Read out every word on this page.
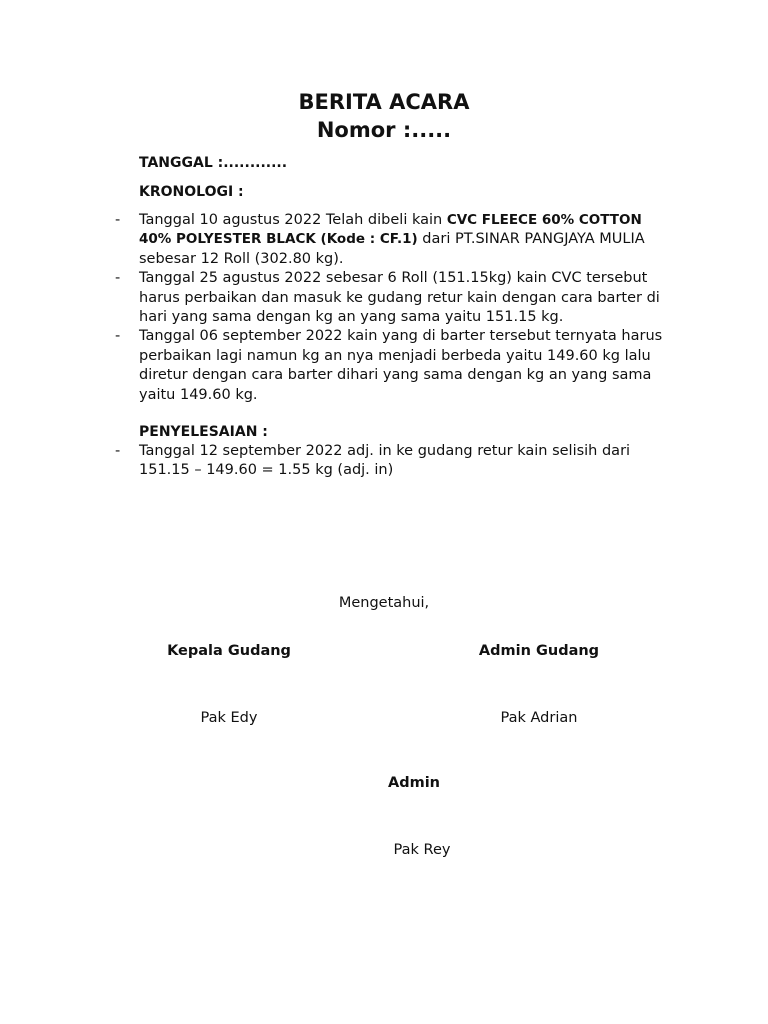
BERITA ACARA
Nomor :.....
TANGGAL :............
KRONOLOGI :
- Tanggal 10 agustus 2022 Telah dibeli kain CVC FLEECE 60% COTTON 40% POLYESTER BLACK (Kode : CF.1) dari PT.SINAR PANGJAYA MULIA sebesar 12 Roll (302.80 kg).
- Tanggal 25 agustus 2022 sebesar 6 Roll (151.15kg) kain CVC tersebut harus perbaikan dan masuk ke gudang retur kain dengan cara barter di hari yang sama dengan kg an yang sama yaitu 151.15 kg.
- Tanggal 06 september 2022 kain yang di barter tersebut ternyata harus perbaikan lagi namun kg an nya menjadi berbeda yaitu 149.60 kg lalu diretur dengan cara barter dihari yang sama dengan kg an yang sama yaitu 149.60 kg.
PENYELESAIAN :
- Tanggal 12 september 2022 adj. in ke gudang retur kain selisih dari 151.15 – 149.60 = 1.55 kg (adj. in)
Mengetahui,
Kepala Gudang	Admin Gudang
Pak Edy	Pak Adrian
Admin
Pak Rey
